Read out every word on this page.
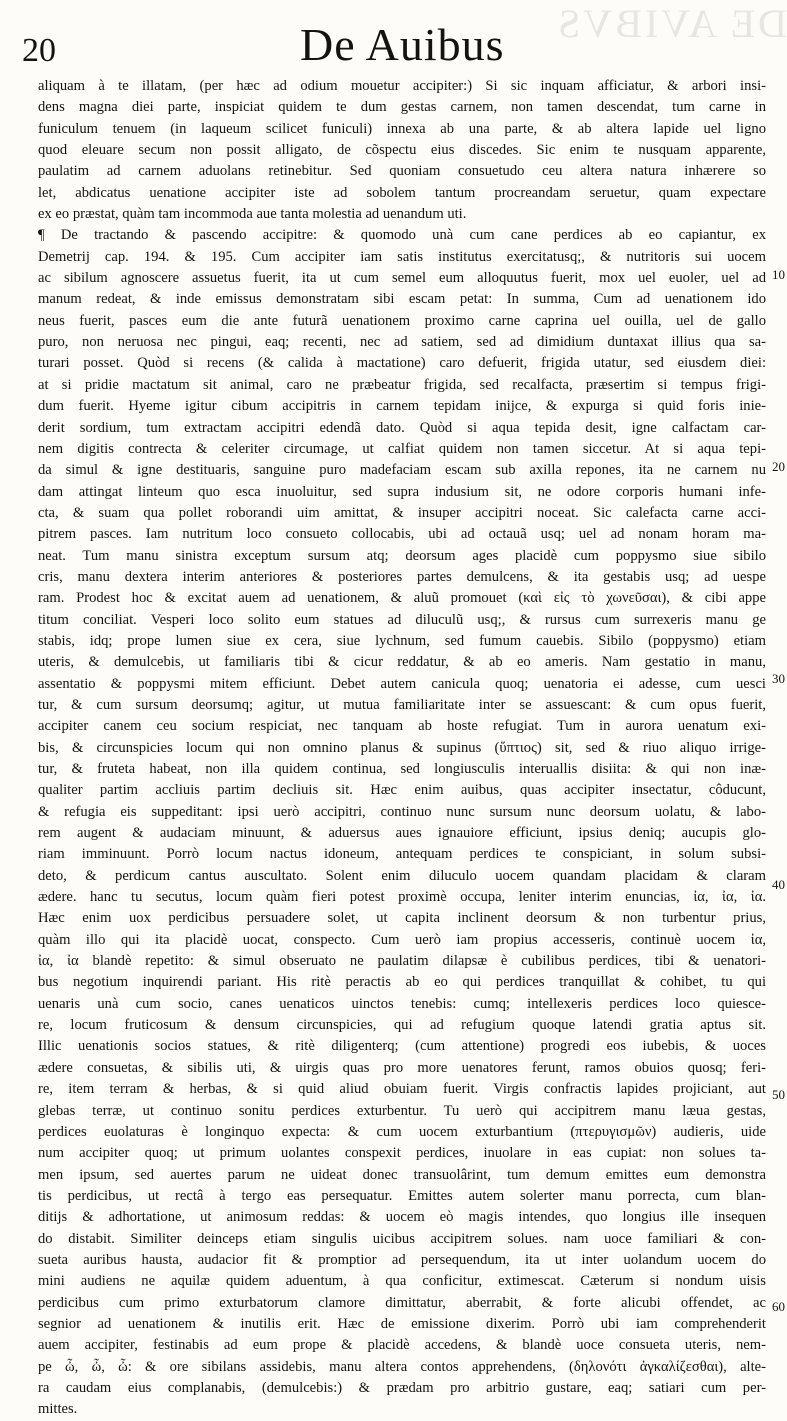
DE AVIBVS
20	De Auibus
aliquam à te illatam, (per hæc ad odium mouetur accipiter:) Si sic inquam afficiatur, & arbori insi-
dens magna diei parte, inspiciat quidem te dum gestas carnem, non tamen descendat, tum carne in
funiculum tenuem (in laqueum scilicet funiculi) innexa ab una parte, & ab altera lapide uel ligno
quod eleuare secum non possit alligato, de cõspectu eius discedes. Sic enim te nusquam apparente,
paulatim ad carnem aduolans retinebitur. Sed quoniam consuetudo ceu altera natura inhærere so
let, abdicatus uenatione accipiter iste ad sobolem tantum procreandam seruetur, quam expectare
ex eo præstat, quàm tam incommoda aue tanta molestia ad uenandum uti.
¶ De tractando & pascendo accipitre: & quomodo unà cum cane perdices ab eo capiantur, ex
Demetrij cap. 194. & 195. Cum accipiter iam satis institutus exercitatusq;, & nutritoris sui uocem
ac sibilum agnoscere assuetus fuerit, ita ut cum semel eum alloquutus fuerit, mox uel euoler, uel ad
manum redeat, & inde emissus demonstratam sibi escam petat: In summa, Cum ad uenationem ido
neus fuerit, pasces eum die ante futurã uenationem proximo carne caprina uel ouilla, uel de gallo
puro, non neruosa nec pingui, eaq; recenti, nec ad satiem, sed ad dimidium duntaxat illius qua sa-
turari posset. Quòd si recens (& calida à mactatione) caro defuerit, frigida utatur, sed eiusdem diei:
at si pridie mactatum sit animal, caro ne præbeatur frigida, sed recalfacta, præsertim si tempus frigi-
dum fuerit. Hyeme igitur cibum accipitris in carnem tepidam inijce, & expurga si quid foris inie-
derit sordium, tum extractam accipitri edendã dato. Quòd si aqua tepida desit, igne calfactam car-
nem digitis contrecta & celeriter circumage, ut calfiat quidem non tamen siccetur. At si aqua tepi-
da simul & igne destituaris, sanguine puro madefaciam escam sub axilla repones, ita ne carnem nu
dam attingat linteum quo esca inuoluitur, sed supra indusium sit, ne odore corporis humani infe-
cta, & suam qua pollet roborandi uim amittat, & insuper accipitri noceat. Sic calefacta carne acci-
pitrem pasces. Iam nutritum loco consueto collocabis, ubi ad octauã usq; uel ad nonam horam ma-
neat. Tum manu sinistra exceptum sursum atq; deorsum ages placidè cum poppysmo siue sibilo
cris, manu dextera interim anteriores & posteriores partes demulcens, & ita gestabis usq; ad uespe
ram. Prodest hoc & excitat auem ad uenationem, & aluũ promouet (καὶ εἰς τὸ χωνεῦσαι), & cibi appe
titum conciliat. Vesperi loco solito eum statues ad diluculũ usq;, & rursus cum surrexeris manu ge
stabis, idq; prope lumen siue ex cera, siue lychnum, sed fumum cauebis. Sibilo (poppysmo) etiam
uteris, & demulcebis, ut familiaris tibi & cicur reddatur, & ab eo ameris. Nam gestatio in manu,
assentatio & poppysmi mitem efficiunt. Debet autem canicula quoq; uenatoria ei adesse, cum uesci
tur, & cum sursum deorsumq; agitur, ut mutua familiaritate inter se assuescant: & cum opus fuerit,
accipiter canem ceu socium respiciat, nec tanquam ab hoste refugiat. Tum in aurora uenatum exi-
bis, & circunspicies locum qui non omnino planus & supinus (ὕπτιος) sit, sed & riuo aliquo irrige-
tur, & fruteta habeat, non illa quidem continua, sed longiusculis interuallis disiita: & qui non inæ-
qualiter partim accliuis partim decliuis sit. Hæc enim auibus, quas accipiter insectatur, côducunt,
& refugia eis suppeditant: ipsi uerò accipitri, continuo nunc sursum nunc deorsum uolatu, & labo-
rem augent & audaciam minuunt, & aduersus aues ignauiore efficiunt, ipsius deniq; aucupis glo-
riam imminuunt. Porrò locum nactus idoneum, antequam perdices te conspiciant, in solum subsi-
deto, & perdicum cantus auscultato. Solent enim diluculo uocem quandam placidam & claram
ædere. hanc tu secutus, locum quàm fieri potest proximè occupa, leniter interim enuncias, ἰα, ἰα, ἰα.
Hæc enim uox perdicibus persuadere solet, ut capita inclinent deorsum & non turbentur prius,
quàm illo qui ita placidè uocat, conspecto. Cum uerò iam propius accesseris, continuè uocem ἰα,
ἰα, ἰα blandè repetito: & simul obseruato ne paulatim dilapsæ è cubilibus perdices, tibi & uenatori-
bus negotium inquirendi pariant. His ritè peractis ab eo qui perdices tranquillat & cohibet, tu qui
uenaris unà cum socio, canes uenaticos uinctos tenebis: cumq; intellexeris perdices loco quiesce-
re, locum fruticosum & densum circunspicies, qui ad refugium quoque latendi gratia aptus sit.
Illic uenationis socios statues, & ritè diligenterq; (cum attentione) progredi eos iubebis, & uoces
ædere consuetas, & sibilis uti, & uirgis quas pro more uenatores ferunt, ramos obuios quosq; feri-
re, item terram & herbas, & si quid aliud obuiam fuerit. Virgis confractis lapides projiciant, aut
glebas terræ, ut continuo sonitu perdices exturbentur. Tu uerò qui accipitrem manu læua gestas,
perdices euolaturas è longinquo expecta: & cum uocem exturbantium (πτερυγισμῶν) audieris, uide
num accipiter quoq; ut primum uolantes conspexit perdices, inuolare in eas cupiat: non solues ta-
men ipsum, sed auertes parum ne uideat donec transuolârint, tum demum emittes eum demonstra
tis perdicibus, ut rectâ à tergo eas persequatur. Emittes autem solerter manu porrecta, cum blan-
ditijs & adhortatione, ut animosum reddas: & uocem eò magis intendes, quo longius ille insequen
do distabit. Similiter deinceps etiam singulis uicibus accipitrem solues. nam uoce familiari & con-
sueta auribus hausta, audacior fit & promptior ad persequendum, ita ut inter uolandum uocem do
mini audiens ne aquilæ quidem aduentum, à qua conficitur, extimescat. Cæterum si nondum uisis
perdicibus cum primo exturbatorum clamore dimittatur, aberrabit, & forte alicubi offendet, ac
segnior ad uenationem & inutilis erit. Hæc de emissione dixerim. Porrò ubi iam comprehenderit
auem accipiter, festinabis ad eum prope & placidè accedens, & blandè uoce consueta uteris, nem-
pe ὦ, ὦ, ὦ: & ore sibilans assidebis, manu altera contos apprehendens, (δηλονότι ἀγκαλίζεσθαι), alte-
ra caudam eius complanabis, (demulcebis:) & prædam pro arbitrio gustare, eaq; satiari cum per-
mittes.
10
20
30
40
50
60
